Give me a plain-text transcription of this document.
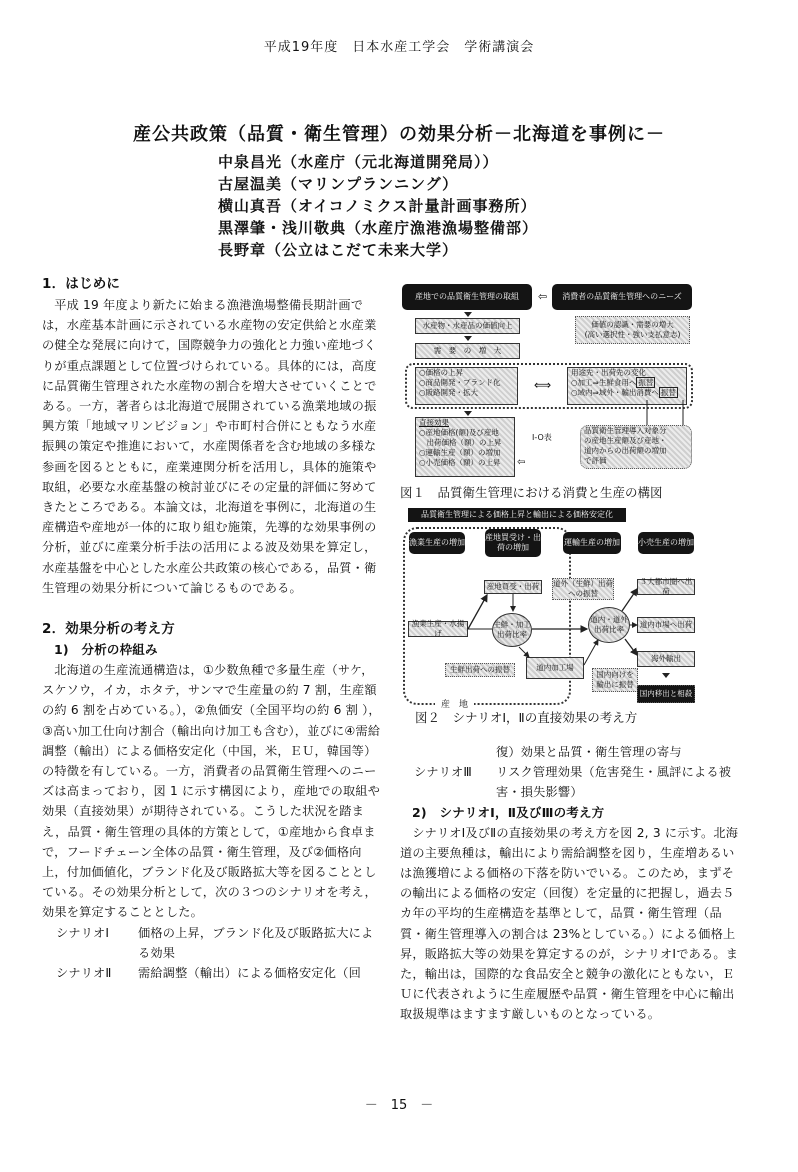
平成19年度　日本水産工学会　学術講演会
産公共政策（品質・衛生管理）の効果分析－北海道を事例に－
中泉昌光（水産庁（元北海道開発局））
古屋温美（マリンプランニング）
横山真吾（オイコノミクス計量計画事務所）
黒澤肇・浅川敬典（水産庁漁港漁場整備部）
長野章（公立はこだて未来大学）
1．はじめに

平成 19 年度より新たに始まる漁港漁場整備長期計画では，水産基本計画に示されている水産物の安定供給と水産業の健全な発展に向けて，国際競争力の強化と力強い産地づくりが重点課題として位置づけられている。具体的には，高度に品質衛生管理された水産物の割合を増大させていくことである。一方，著者らは北海道で展開されている漁業地域の振興方策「地域マリンビジョン」や市町村合併にともなう水産振興の策定や推進において，水産関係者を含む地域の多様な参画を図るとともに，産業連関分析を活用し，具体的施策や取組，必要な水産基盤の検討並びにその定量的評価に努めてきたところである。本論文は，北海道を事例に，北海道の生産構造や産地が一体的に取り組む施策，先導的な効果事例の分析，並びに産業分析手法の活用による波及効果を算定し，水産基盤を中心とした水産公共政策の核心である，品質・衛生管理の効果分析について論じるものである。

2．効果分析の考え方
1)　分析の枠組み

北海道の生産流通構造は，①少数魚種で多量生産（サケ，スケソウ，イカ，ホタテ，サンマで生産量の約 7 割，生産額の約 6 割を占めている。），②魚価安（全国平均の約 6 割 ），③高い加工仕向け割合（輸出向け加工も含む），並びに④需給調整（輸出）による価格安定化（中国，米，ＥＵ，韓国等）の特徴を有している。一方，消費者の品質衛生管理へのニーズは高まっており，図 1 に示す構図により，産地での取組や効果（直接効果）が期待されている。こうした状況を踏まえ，品質・衛生管理の具体的方策として，①産地から食卓まで，フードチェーン全体の品質・衛生管理，及び②価格向上，付加価値化，ブランド化及び販路拡大等を図ることとしている。その効果分析として，次の３つのシナリオを考え，効果を算定することとした。

シナリオⅠ	価格の上昇，ブランド化及び販路拡大による効果
シナリオⅡ	需給調整（輸出）による価格安定化（回
復）効果と品質・衛生管理の寄与
シナリオⅢ	リスク管理効果（危害発生・風評による被害・損失影響）
2)　シナリオⅠ，Ⅱ及びⅢの考え方

シナリオⅠ及びⅡの直接効果の考え方を図 2, 3 に示す。北海道の主要魚種は，輸出により需給調整を図り，生産増あるいは漁獲増による価格の下落を防いでいる。このため，まずその輸出による価格の安定（回復）を定量的に把握し，過去５カ年の平均的生産構造を基準として，品質・衛生管理（品質・衛生管理導入の割合は 23%としている。）による価格上昇，販路拡大等の効果を算定するのが，シナリオⅠである。また，輸出は，国際的な食品安全と競争の激化にともない，ＥＵに代表されように生産履歴や品質・衛生管理を中心に輸出取扱規準はますます厳しいものとなっている。

産地での品質衛生管理の取組	⇦	消費者の品質衛生管理へのニーズ
水産物・水産品の価値向上	価値の認識・需要の増大
(高い選択性・強い支払意志)
需　要　の　増　大
○価格の上昇
○商品開発・ブランド化
○販路開発・拡大
⟺
用途先・出荷先の変化
○加工⇒生鮮食用へ 振替
○域内⇒域外・輸出消費へ 振替
直接効果
○産地価格(額)及び産地
　出荷価格（額）の上昇
○運輸生産（額）の増加
○小売価格（額）の上昇 ⇦
I-O表
品質衛生管理導入対象分
の産地生産額及び産地・
道内からの出荷額の増加
で評価
図１　品質衛生管理における消費と生産の構図
品質衛生管理による価格上昇と輸出による価格安定化
産　地
漁業生産の増加
産地買受け・出荷の増加
運輸生産の増加 小売生産の増加
産地買受・出荷
漁業生産・水揚げ
生鮮・加工出荷比率
生鮮出荷への振替	道内加工場
道外（生鮮）出荷への振替
道内・道外出荷比率
３大都市圏へ出荷
道内市場へ出荷
海外輸出
国内向けを輸出に振替
国内移出と相殺
図２　シナリオⅠ，Ⅱの直接効果の考え方
－　15　－
